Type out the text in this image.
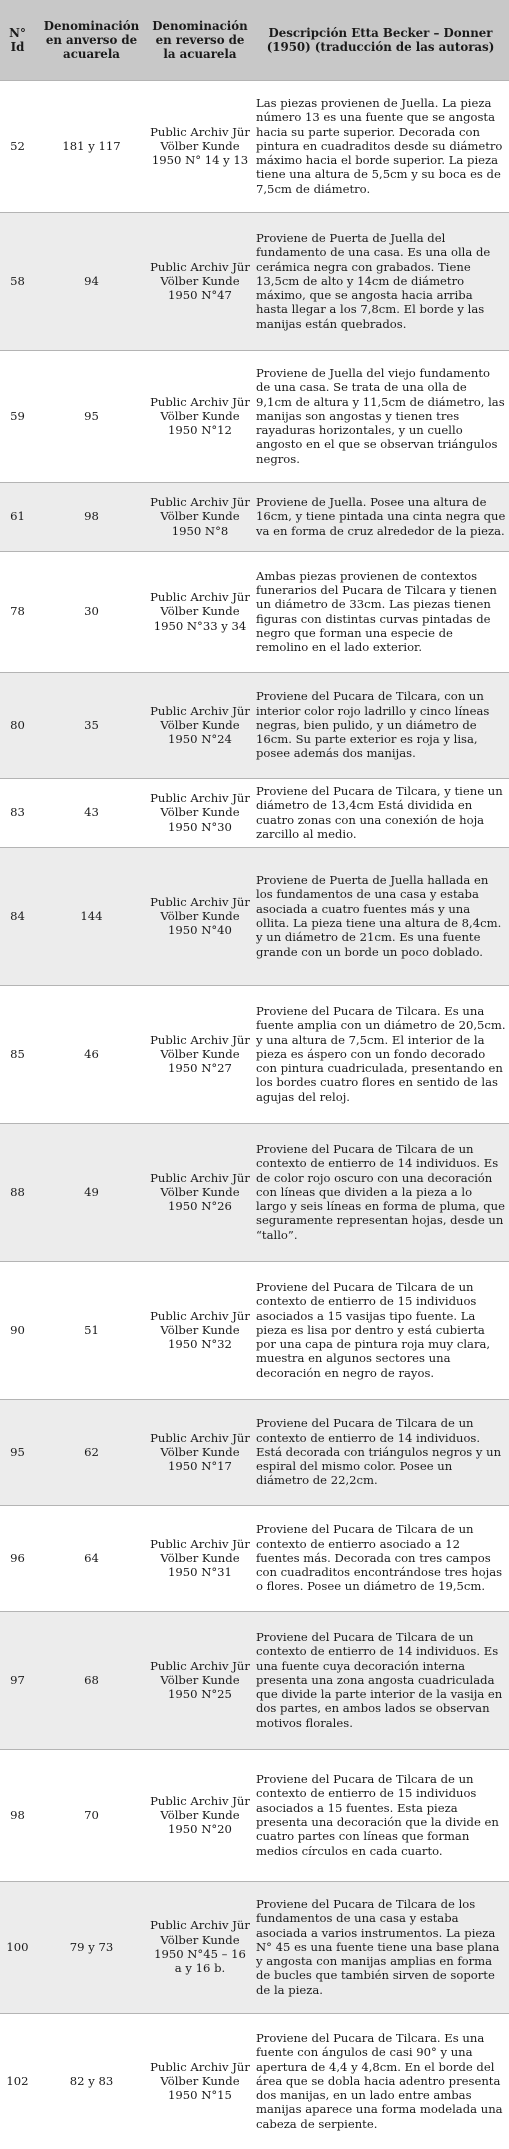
N° Id	Denominación en anverso de acuarela	Denominación en reverso de la acuarela	Descripción Etta Becker – Donner (1950) (traducción de las autoras)
52	181 y 117	Public Archiv Jür Völber Kunde 1950 N° 14 y 13	Las piezas provienen de Juella. La pieza número 13 es una fuente que se angosta hacia su parte superior. Decorada con pintura en cuadraditos desde su diámetro máximo hacia el borde superior. La pieza tiene una altura de 5,5cm y su boca es de 7,5cm de diámetro.
58	94	Public Archiv Jür Völber Kunde 1950 N°47	Proviene de Puerta de Juella del fundamento de una casa. Es una olla de cerámica negra con grabados. Tiene 13,5cm de alto y 14cm de diámetro máximo, que se angosta hacia arriba hasta llegar a los 7,8cm. El borde y las manijas están quebrados.
59	95	Public Archiv Jür Völber Kunde 1950 N°12	Proviene de Juella del viejo fundamento de una casa. Se trata de una olla de 9,1cm de altura y 11,5cm de diámetro, las manijas son angostas y tienen tres rayaduras horizontales, y un cuello angosto en el que se observan triángulos negros.
61	98	Public Archiv Jür Völber Kunde 1950 N°8	Proviene de Juella. Posee una altura de 16cm, y tiene pintada una cinta negra que va en forma de cruz alrededor de la pieza.
78	30	Public Archiv Jür Völber Kunde 1950 N°33 y 34	Ambas piezas provienen de contextos funerarios del Pucara de Tilcara y tienen un diámetro de 33cm. Las piezas tienen figuras con distintas curvas pintadas de negro que forman una especie de remolino en el lado exterior.
80	35	Public Archiv Jür Völber Kunde 1950 N°24	Proviene del Pucara de Tilcara, con un interior color rojo ladrillo y cinco líneas negras, bien pulido, y un diámetro de 16cm. Su parte exterior es roja y lisa, posee además dos manijas.
83	43	Public Archiv Jür Völber Kunde 1950 N°30	Proviene del Pucara de Tilcara, y tiene un diámetro de 13,4cm Está dividida en cuatro zonas con una conexión de hoja zarcillo al medio.
84	144	Public Archiv Jür Völber Kunde 1950 N°40	Proviene de Puerta de Juella hallada en los fundamentos de una casa y estaba asociada a cuatro fuentes más y una ollita. La pieza tiene una altura de 8,4cm. y un diámetro de 21cm. Es una fuente grande con un borde un poco doblado.
85	46	Public Archiv Jür Völber Kunde 1950 N°27	Proviene del Pucara de Tilcara. Es una fuente amplia con un diámetro de 20,5cm. y una altura de 7,5cm. El interior de la pieza es áspero con un fondo decorado con pintura cuadriculada, presentando en los bordes cuatro flores en sentido de las agujas del reloj.
88	49	Public Archiv Jür Völber Kunde 1950 N°26	Proviene del Pucara de Tilcara de un contexto de entierro de 14 individuos. Es de color rojo oscuro con una decoración con líneas que dividen a la pieza a lo largo y seis líneas en forma de pluma, que seguramente representan hojas, desde un “tallo”.
90	51	Public Archiv Jür Völber Kunde 1950 N°32	Proviene del Pucara de Tilcara de un contexto de entierro de 15 individuos asociados a 15 vasijas tipo fuente. La pieza es lisa por dentro y está cubierta por una capa de pintura roja muy clara, muestra en algunos sectores una decoración en negro de rayos.
95	62	Public Archiv Jür Völber Kunde 1950 N°17	Proviene del Pucara de Tilcara de un contexto de entierro de 14 individuos. Está decorada con triángulos negros y un espiral del mismo color. Posee un diámetro de 22,2cm.
96	64	Public Archiv Jür Völber Kunde 1950 N°31	Proviene del Pucara de Tilcara de un contexto de entierro asociado a 12 fuentes más. Decorada con tres campos con cuadraditos encontrándose tres hojas o flores. Posee un diámetro de 19,5cm.
97	68	Public Archiv Jür Völber Kunde 1950 N°25	Proviene del Pucara de Tilcara de un contexto de entierro de 14 individuos. Es una fuente cuya decoración interna presenta una zona angosta cuadriculada que divide la parte interior de la vasija en dos partes, en ambos lados se observan motivos florales.
98	70	Public Archiv Jür Völber Kunde 1950 N°20	Proviene del Pucara de Tilcara de un contexto de entierro de 15 individuos asociados a 15 fuentes. Esta pieza presenta una decoración que la divide en cuatro partes con líneas que forman medios círculos en cada cuarto.
100	79 y 73	Public Archiv Jür Völber Kunde 1950 N°45 – 16 a y 16 b.	Proviene del Pucara de Tilcara de los fundamentos de una casa y estaba asociada a varios instrumentos. La pieza N° 45 es una fuente tiene una base plana y angosta con manijas amplias en forma de bucles que también sirven de soporte de la pieza.
102	82 y 83	Public Archiv Jür Völber Kunde 1950 N°15	Proviene del Pucara de Tilcara. Es una fuente con ángulos de casi 90° y una apertura de 4,4 y 4,8cm. En el borde del área que se dobla hacia adentro presenta dos manijas, en un lado entre ambas manijas aparece una forma modelada una cabeza de serpiente.
